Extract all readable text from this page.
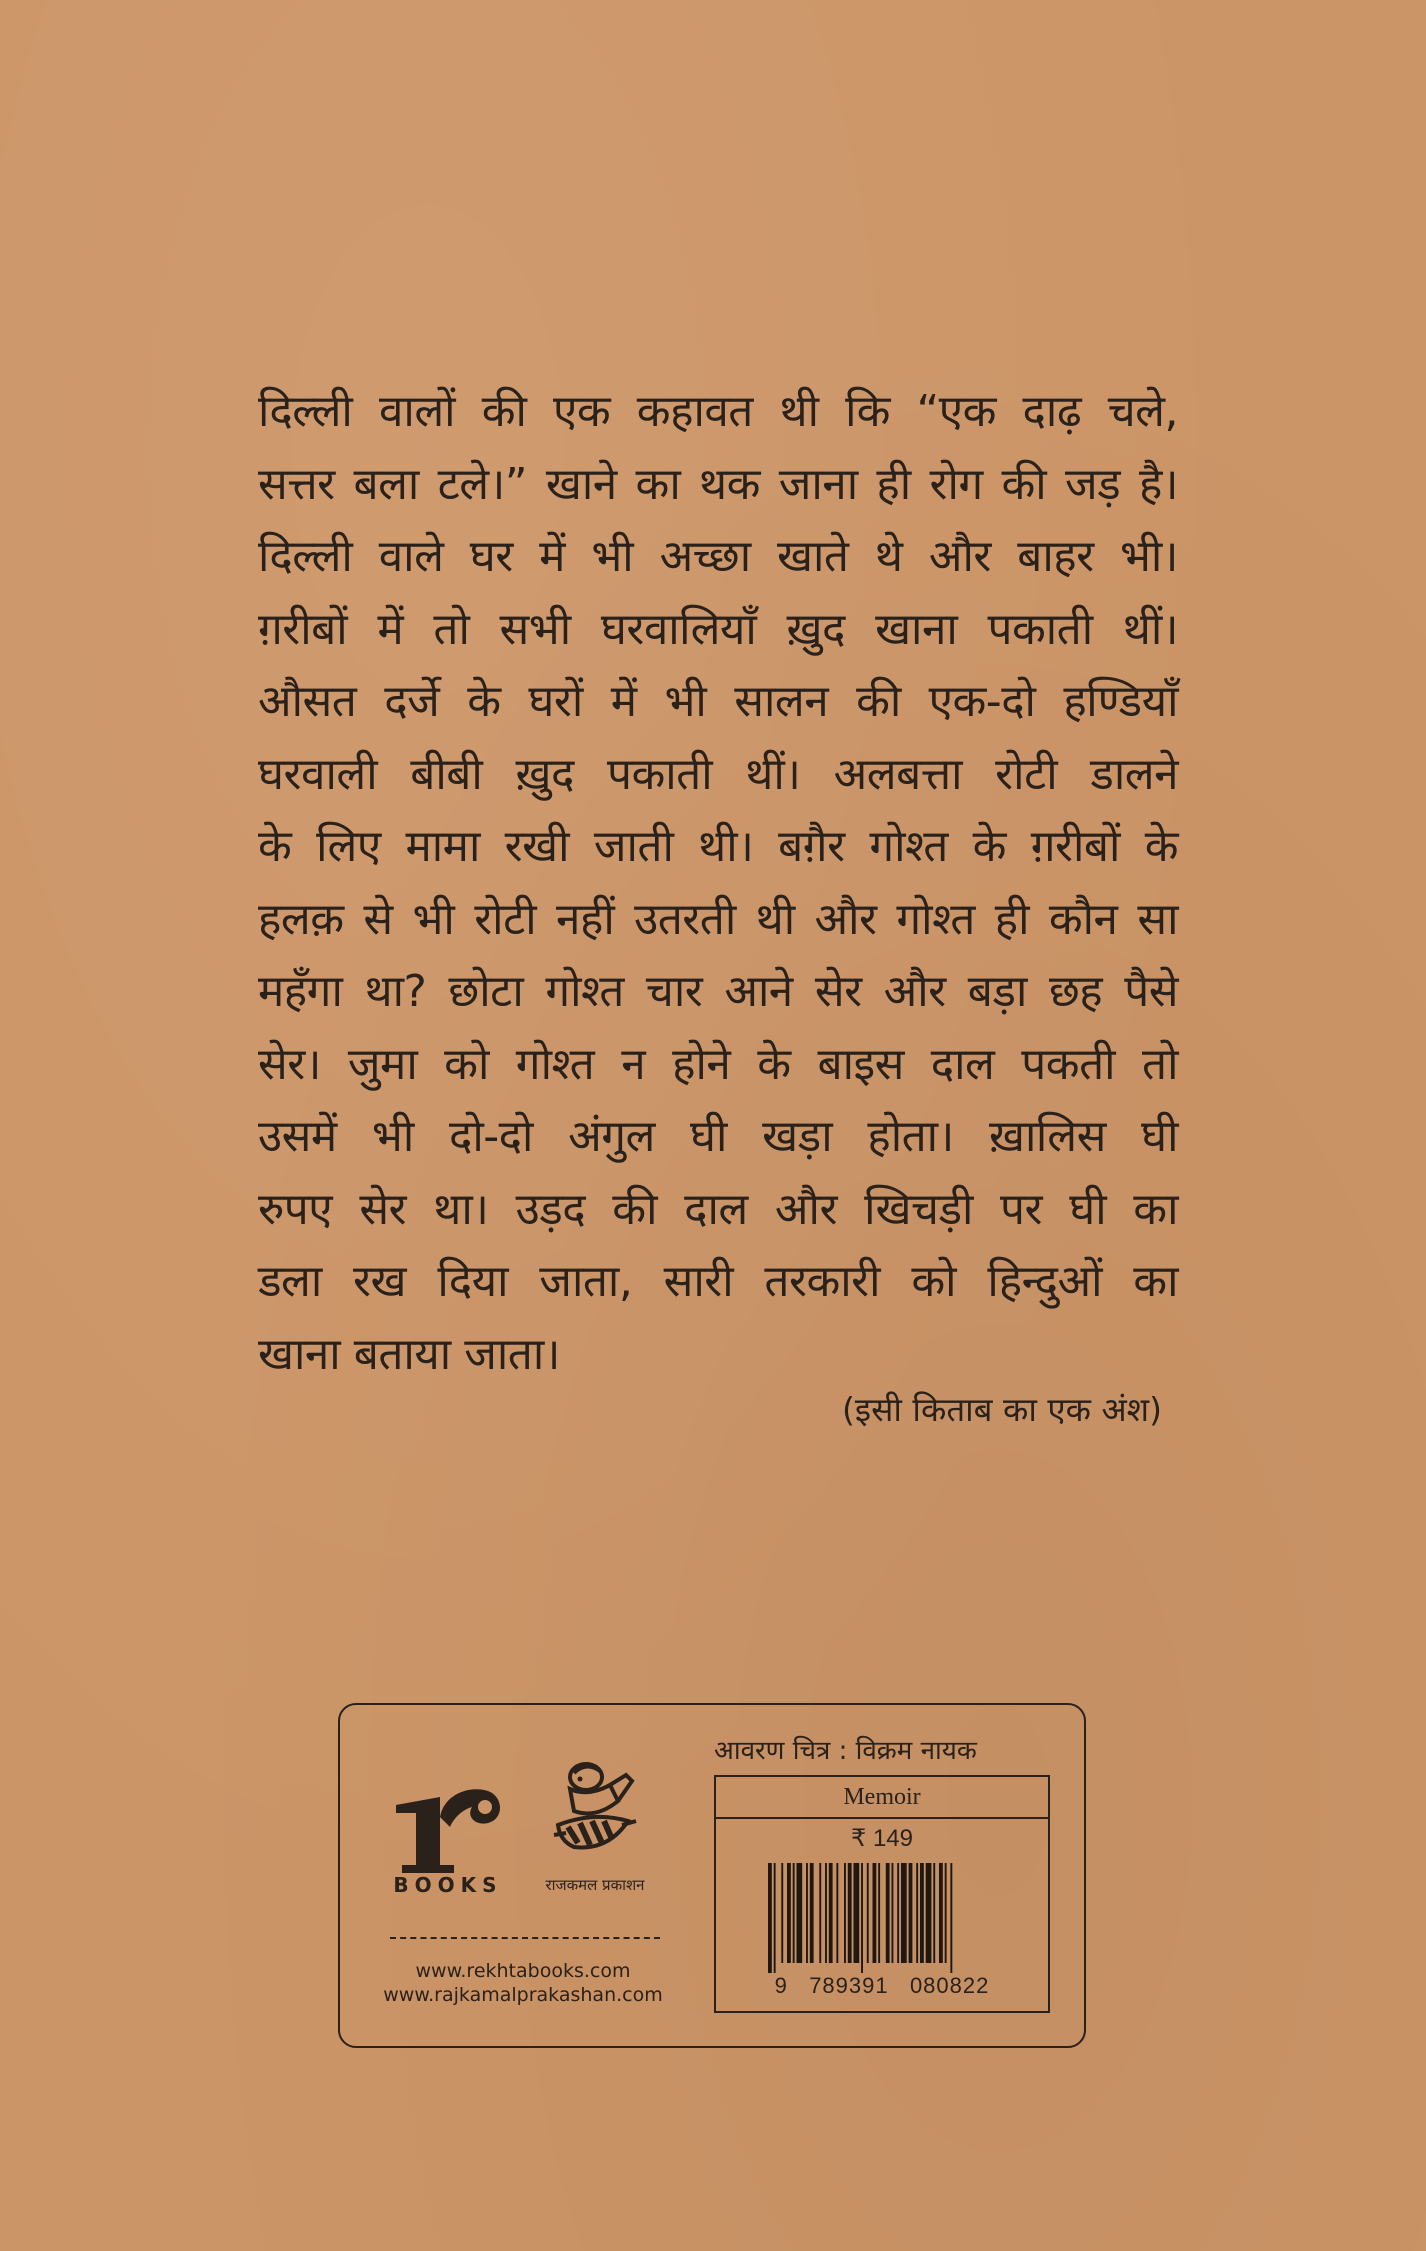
दिल्ली वालों की एक कहावत थी कि “एक दाढ़ चले,
सत्तर बला टले।” खाने का थक जाना ही रोग की जड़ है।
दिल्ली वाले घर में भी अच्छा खाते थे और बाहर भी।
ग़रीबों में तो सभी घरवालियाँ ख़ुद खाना पकाती थीं।
औसत दर्जे के घरों में भी सालन की एक-दो हण्डियाँ
घरवाली बीबी ख़ुद पकाती थीं। अलबत्ता रोटी डालने
के लिए मामा रखी जाती थी। बग़ैर गोश्त के ग़रीबों के
हलक़ से भी रोटी नहीं उतरती थी और गोश्त ही कौन सा
महँगा था? छोटा गोश्त चार आने सेर और बड़ा छह पैसे
सेर। जुमा को गोश्त न होने के बाइस दाल पकती तो
उसमें भी दो-दो अंगुल घी खड़ा होता। ख़ालिस घी
रुपए सेर था। उड़द की दाल और खिचड़ी पर घी का
डला रख दिया जाता, सारी तरकारी को हिन्दुओं का
खाना बताया जाता।
(इसी किताब का एक अंश)
BOOKS	राजकमल प्रकाशन
www.rekhtabooks.com
www.rajkamalprakashan.com
आवरण चित्र : विक्रम नायक
Memoir
₹ 149
9   789391   080822
